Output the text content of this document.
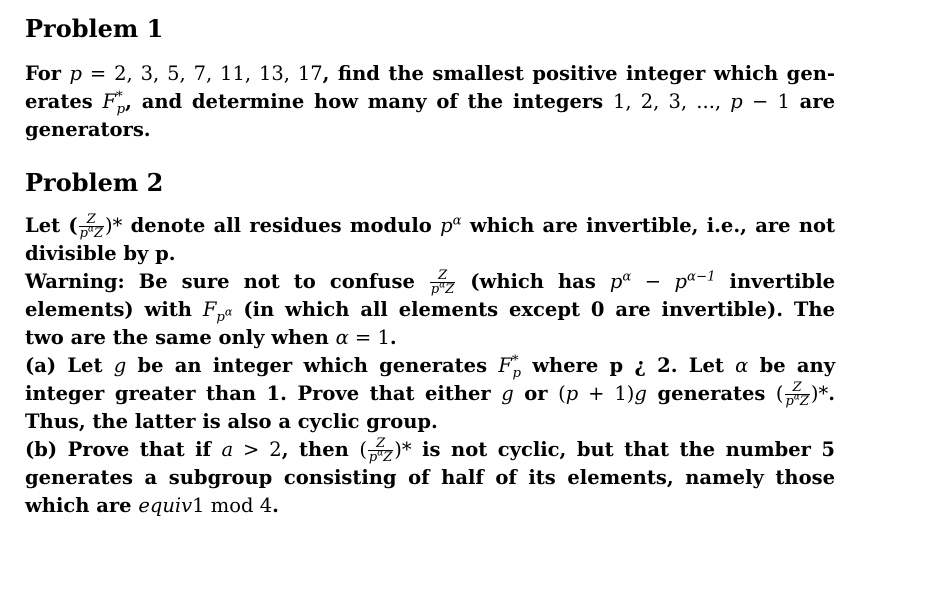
Problem 1

For p = 2, 3, 5, 7, 11, 13, 17, find the smallest positive integer which gen-erates $F^*_p$, and determine how many of the integers 1, 2, 3, ..., p − 1 are generators.

Problem 2

Let ( $\frac{Z}{p^\alpha Z}$ )* denote all residues modulo $p^\alpha$ which are invertible, i.e., are not divisible by p.
Warning: Be sure not to confuse $\frac{Z}{p^\alpha Z}$ (which has $p^\alpha - p^{\alpha-1}$ invertible elements) with $F_{p^\alpha}$ (in which all elements except 0 are invertible). The two are the same only when α = 1.
(a) Let g be an integer which generates $F^*_p$ where p ¿ 2. Let α be any integer greater than 1. Prove that either g or (p + 1)g generates ( $\frac{Z}{p^\alpha Z}$ )*. Thus, the latter is also a cyclic group.
(b) Prove that if a > 2, then ( $\frac{Z}{p^\alpha Z}$ )* is not cyclic, but that the number 5 generates a subgroup consisting of half of its elements, namely those which are equiv1 mod 4.
